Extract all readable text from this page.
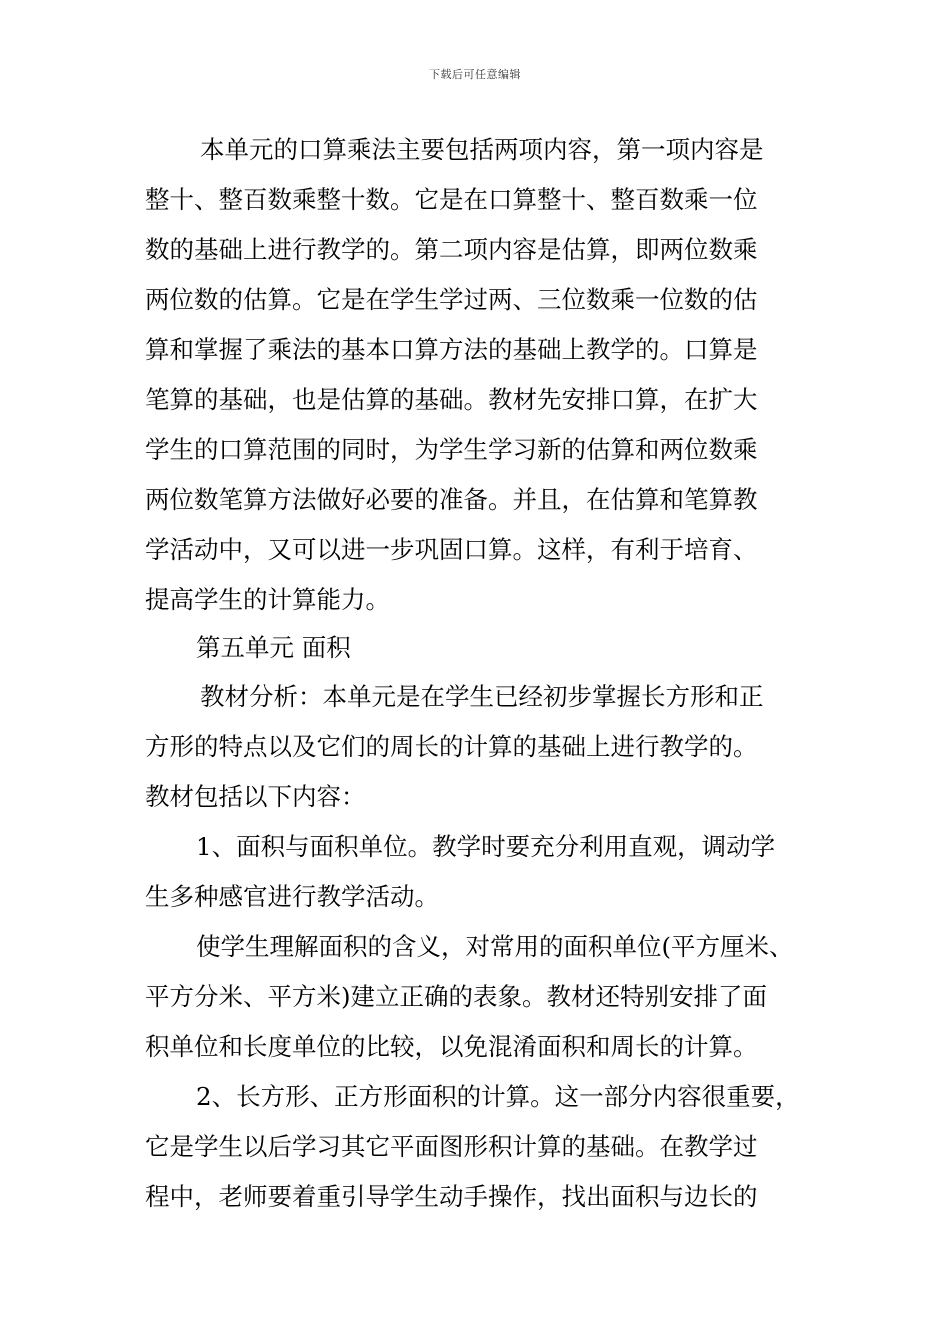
下载后可任意编辑
本单元的口算乘法主要包括两项内容，第一项内容是
整十、整百数乘整十数。它是在口算整十、整百数乘一位
数的基础上进行教学的。第二项内容是估算，即两位数乘
两位数的估算。它是在学生学过两、三位数乘一位数的估
算和掌握了乘法的基本口算方法的基础上教学的。口算是
笔算的基础，也是估算的基础。教材先安排口算，在扩大
学生的口算范围的同时，为学生学习新的估算和两位数乘
两位数笔算方法做好必要的准备。并且，在估算和笔算教
学活动中，又可以进一步巩固口算。这样，有利于培育、
提高学生的计算能力。
第五单元 面积
教材分析：本单元是在学生已经初步掌握长方形和正
方形的特点以及它们的周长的计算的基础上进行教学的。
教材包括以下内容：
1、面积与面积单位。教学时要充分利用直观，调动学
生多种感官进行教学活动。
使学生理解面积的含义，对常用的面积单位(平方厘米、
平方分米、平方米)建立正确的表象。教材还特别安排了面
积单位和长度单位的比较，以免混淆面积和周长的计算。
2、长方形、正方形面积的计算。这一部分内容很重要，
它是学生以后学习其它平面图形积计算的基础。在教学过
程中，老师要着重引导学生动手操作，找出面积与边长的
